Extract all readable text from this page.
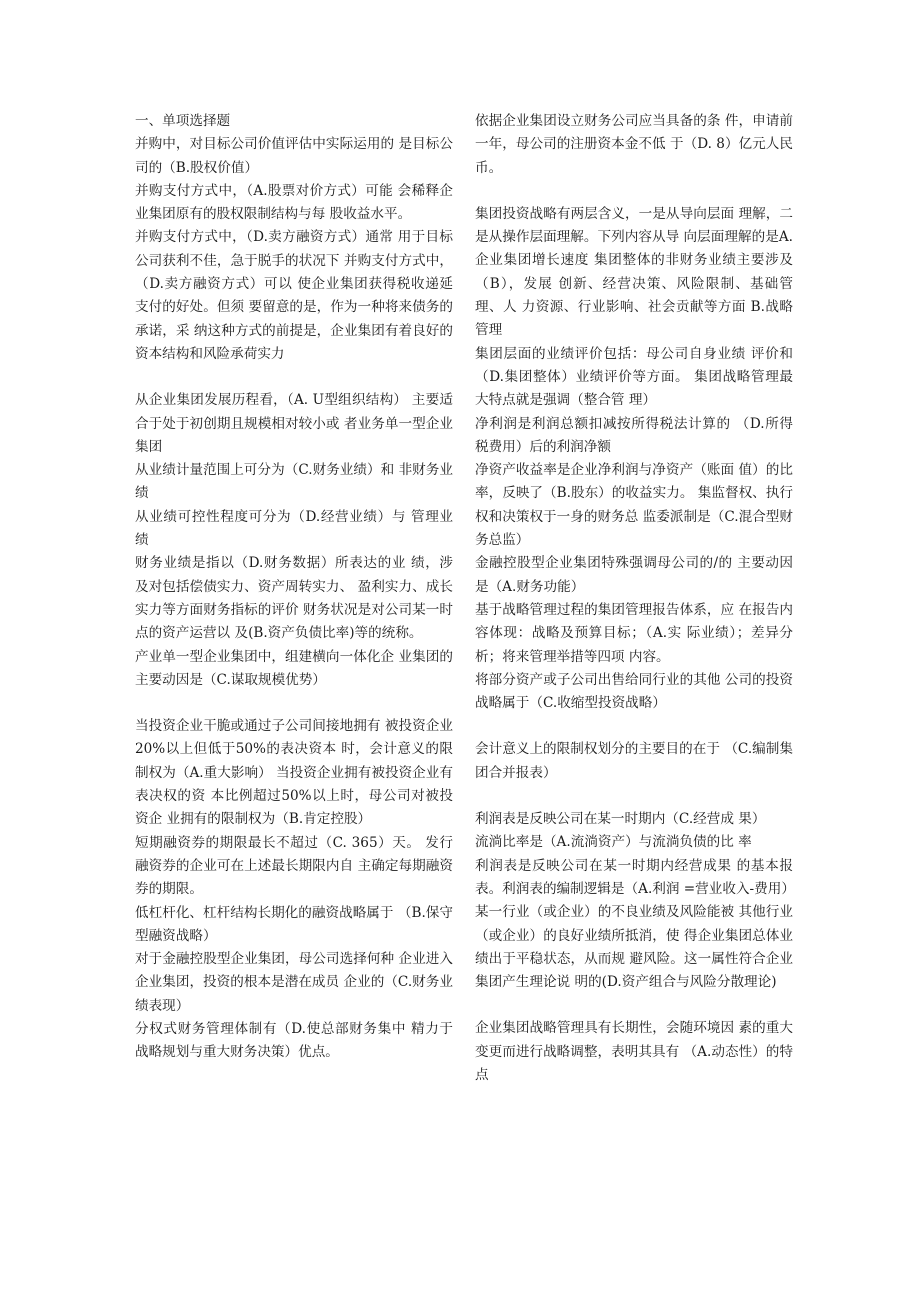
一、单项选择题
并购中，对目标公司价值评估中实际运用的 是目标公司的（B.股权价值）
并购支付方式中，（A.股票对价方式）可能 会稀释企业集团原有的股权限制结构与每 股收益水平。
并购支付方式中，（D.卖方融资方式）通常 用于目标公司获利不佳，急于脱手的状况下 并购支付方式中，（D.卖方融资方式）可以 使企业集团获得税收递延支付的好处。但须 要留意的是，作为一种将来债务的承诺，采 纳这种方式的前提是，企业集团有着良好的 资本结构和风险承荷实力
从企业集团发展历程看，（A. U型组织结构） 主要适合于处于初创期且规模相对较小或 者业务单一型企业集团
从业绩计量范围上可分为（C.财务业绩）和 非财务业绩
从业绩可控性程度可分为（D.经营业绩）与 管理业绩
财务业绩是指以（D.财务数据）所表达的业 绩，涉及对包括偿债实力、资产周转实力、 盈利实力、成长实力等方面财务指标的评价 财务状况是对公司某一时点的资产运营以 及(B.资产负债比率)等的统称。
产业单一型企业集团中，组建横向一体化企 业集团的主要动因是（C.谋取规模优势）
当投资企业干脆或通过子公司间接地拥有 被投资企业20%以上但低于50%的表决资本 时，会计意义的限制权为（A.重大影响） 当投资企业拥有被投资企业有表决权的资 本比例超过50%以上时，母公司对被投资企 业拥有的限制权为（B.肯定控股）
短期融资券的期限最长不超过（C. 365）天。 发行融资券的企业可在上述最长期限内自 主确定每期融资券的期限。
低杠杆化、杠杆结构长期化的融资战略属于 （B.保守型融资战略）
对于金融控股型企业集团，母公司选择何种 企业进入企业集团，投资的根本是潜在成员 企业的（C.财务业绩表现）
分权式财务管理体制有（D.使总部财务集中 精力于战略规划与重大财务决策）优点。
依据企业集团设立财务公司应当具备的条 件，申请前一年，母公司的注册资本金不低 于（D. 8）亿元人民币。
集团投资战略有两层含义，一是从导向层面 理解，二是从操作层面理解。下列内容从导 向层面理解的是A.企业集团增长速度 集团整体的非财务业绩主要涉及（B），发展 创新、经营决策、风险限制、基础管理、人 力资源、行业影响、社会贡献等方面 B.战略管理
集团层面的业绩评价包括：母公司自身业绩 评价和（D.集团整体）业绩评价等方面。 集团战略管理最大特点就是强调（整合管 理）
净利润是利润总额扣减按所得税法计算的 （D.所得税费用）后的利润净额
净资产收益率是企业净利润与净资产（账面 值）的比率，反映了（B.股东）的收益实力。 集监督权、执行权和决策权于一身的财务总 监委派制是（C.混合型财务总监）
金融控股型企业集团特殊强调母公司的/的 主要动因是（A.财务功能）
基于战略管理过程的集团管理报告体系，应 在报告内容体现：战略及预算目标；（A.实 际业绩）；差异分析；将来管理举措等四项 内容。
将部分资产或子公司出售给同行业的其他 公司的投资战略属于（C.收缩型投资战略）
会计意义上的限制权划分的主要目的在于 （C.编制集团合并报表）
利润表是反映公司在某一时期内（C.经营成 果）
流淌比率是（A.流淌资产）与流淌负债的比 率
利润表是反映公司在某一时期内经营成果 的基本报表。利润表的编制逻辑是（A.利润 =营业收入-费用）
某一行业（或企业）的不良业绩及风险能被 其他行业（或企业）的良好业绩所抵消，使 得企业集团总体业绩出于平稳状态，从而规 避风险。这一属性符合企业集团产生理论说 明的(D.资产组合与风险分散理论)
企业集团战略管理具有长期性，会随环境因 素的重大变更而进行战略调整，表明其具有 （A.动态性）的特点
